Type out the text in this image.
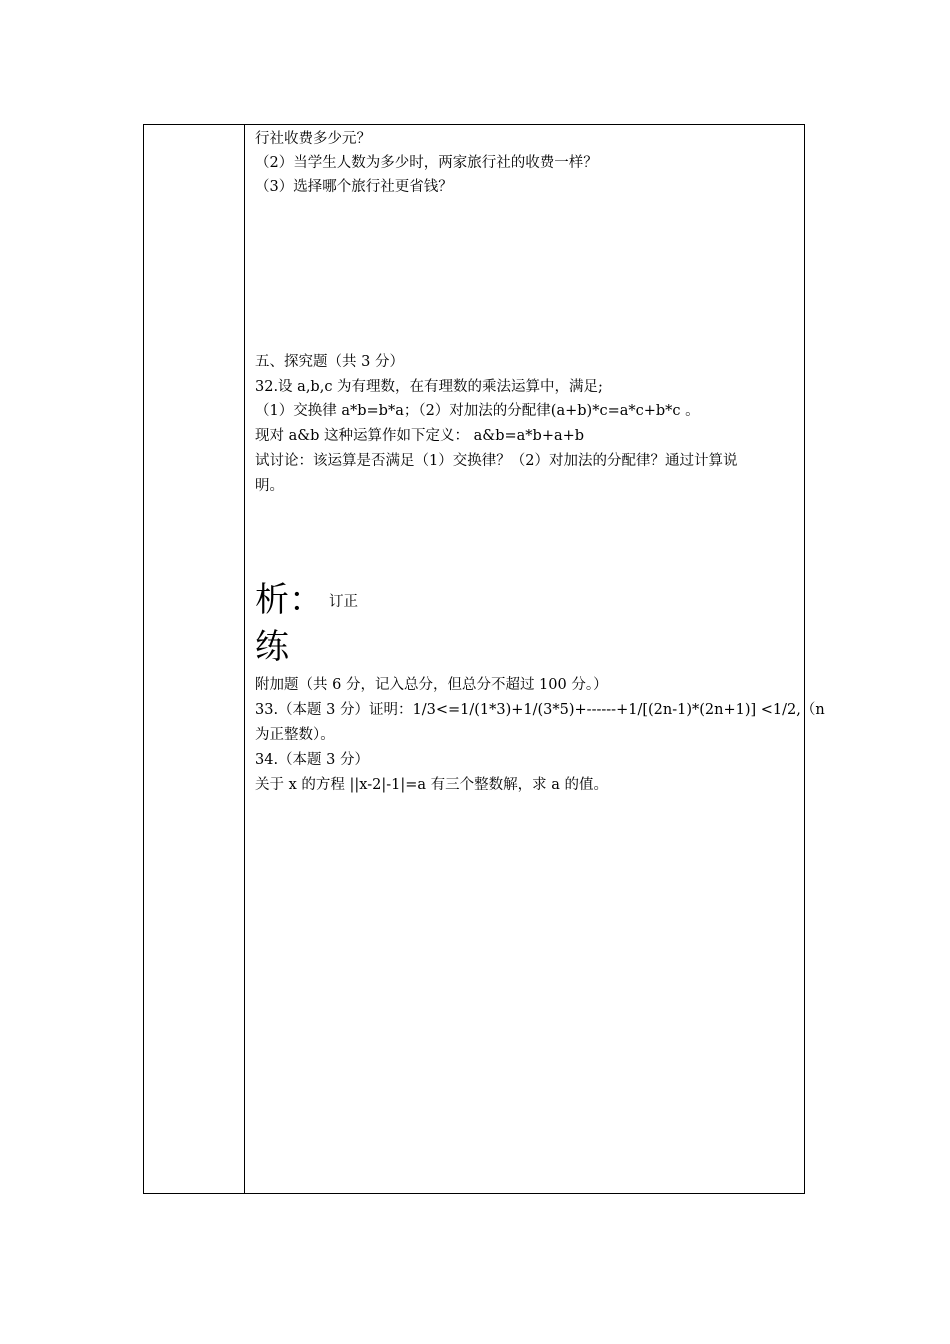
行社收费多少元？
（2）当学生人数为多少时，两家旅行社的收费一样？
（3）选择哪个旅行社更省钱？
五、探究题（共 3 分）
32.设 a,b,c 为有理数，在有理数的乘法运算中，满足;
（1）交换律 a*b=b*a；（2）对加法的分配律(a+b)*c=a*c+b*c 。
现对 a&b 这种运算作如下定义： a&b=a*b+a+b
试讨论：该运算是否满足（1）交换律？（2）对加法的分配律？通过计算说
明。
析： 订正
练
附加题（共 6 分，记入总分，但总分不超过 100 分。）
33.（本题 3 分）证明：1/3<=1/(1*3)+1/(3*5)+------+1/[(2n-1)*(2n+1)] <1/2,（n
为正整数）。
34.（本题 3 分）
关于 x 的方程 ||x-2|-1|=a 有三个整数解，求 a 的值。
